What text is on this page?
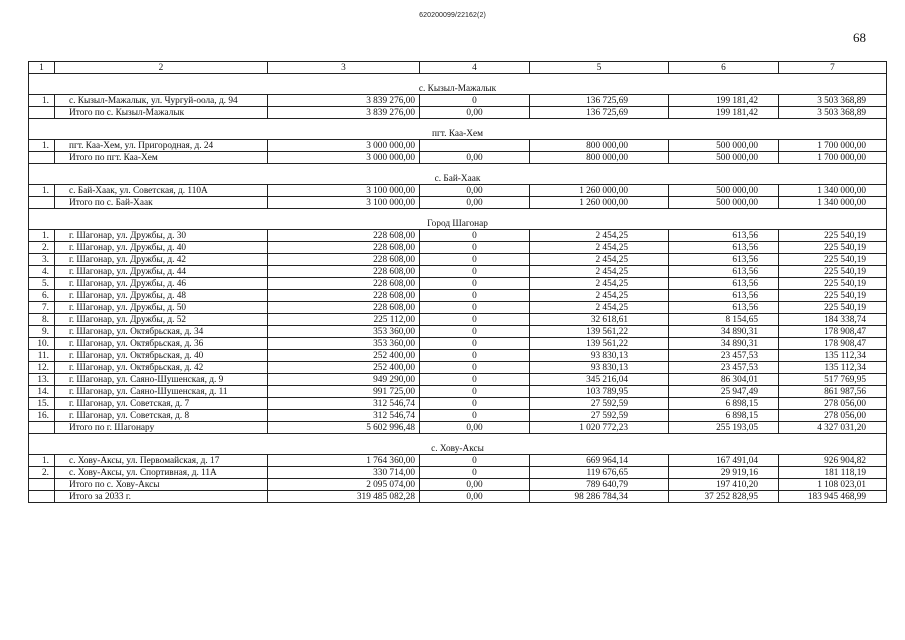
620200099/22162(2)
68
1	2	3	4	5	6	7

с. Кызыл-Мажалык						
1.	с. Кызыл-Мажалык, ул. Чургуй-оола, д. 94	3 839 276,00	0	136 725,69	199 181,42	3 503 368,89
	Итого по с. Кызыл-Мажалык	3 839 276,00	0,00	136 725,69	199 181,42	3 503 368,89

пгт. Каа-Хем						
1.	пгт. Каа-Хем, ул. Пригородная, д. 24	3 000 000,00		800 000,00	500 000,00	1 700 000,00
	Итого по пгт. Каа-Хем	3 000 000,00	0,00	800 000,00	500 000,00	1 700 000,00

с. Бай-Хаак						
1.	с. Бай-Хаак, ул. Советская, д. 110А	3 100 000,00	0,00	1 260 000,00	500 000,00	1 340 000,00
	Итого по с. Бай-Хаак	3 100 000,00	0,00	1 260 000,00	500 000,00	1 340 000,00

Город Шагонар						
1.	г. Шагонар, ул. Дружбы, д. 30	228 608,00	0	2 454,25	613,56	225 540,19
2.	г. Шагонар, ул. Дружбы, д. 40	228 608,00	0	2 454,25	613,56	225 540,19
3.	г. Шагонар, ул. Дружбы, д. 42	228 608,00	0	2 454,25	613,56	225 540,19
4.	г. Шагонар, ул. Дружбы, д. 44	228 608,00	0	2 454,25	613,56	225 540,19
5.	г. Шагонар, ул. Дружбы, д. 46	228 608,00	0	2 454,25	613,56	225 540,19
6.	г. Шагонар, ул. Дружбы, д. 48	228 608,00	0	2 454,25	613,56	225 540,19
7.	г. Шагонар, ул. Дружбы, д. 50	228 608,00	0	2 454,25	613,56	225 540,19
8.	г. Шагонар, ул. Дружбы, д. 52	225 112,00	0	32 618,61	8 154,65	184 338,74
9.	г. Шагонар, ул. Октябрьская, д. 34	353 360,00	0	139 561,22	34 890,31	178 908,47
10.	г. Шагонар, ул. Октябрьская, д. 36	353 360,00	0	139 561,22	34 890,31	178 908,47
11.	г. Шагонар, ул. Октябрьская, д. 40	252 400,00	0	93 830,13	23 457,53	135 112,34
12.	г. Шагонар, ул. Октябрьская, д. 42	252 400,00	0	93 830,13	23 457,53	135 112,34
13.	г. Шагонар, ул. Саяно-Шушенская, д. 9	949 290,00	0	345 216,04	86 304,01	517 769,95
14.	г. Шагонар, ул. Саяно-Шушенская, д. 11	991 725,00	0	103 789,95	25 947,49	861 987,56
15.	г. Шагонар, ул. Советская, д. 7	312 546,74	0	27 592,59	6 898,15	278 056,00
16.	г. Шагонар, ул. Советская, д. 8	312 546,74	0	27 592,59	6 898,15	278 056,00
	Итого по г. Шагонару	5 602 996,48	0,00	1 020 772,23	255 193,05	4 327 031,20

с. Хову-Аксы						
1.	с. Хову-Аксы, ул. Первомайская, д. 17	1 764 360,00	0	669 964,14	167 491,04	926 904,82
2.	с. Хову-Аксы, ул. Спортивная, д. 11А	330 714,00	0	119 676,65	29 919,16	181 118,19
	Итого по с. Хову-Аксы	2 095 074,00	0,00	789 640,79	197 410,20	1 108 023,01
	Итого за 2033 г.	319 485 082,28	0,00	98 286 784,34	37 252 828,95	183 945 468,99
